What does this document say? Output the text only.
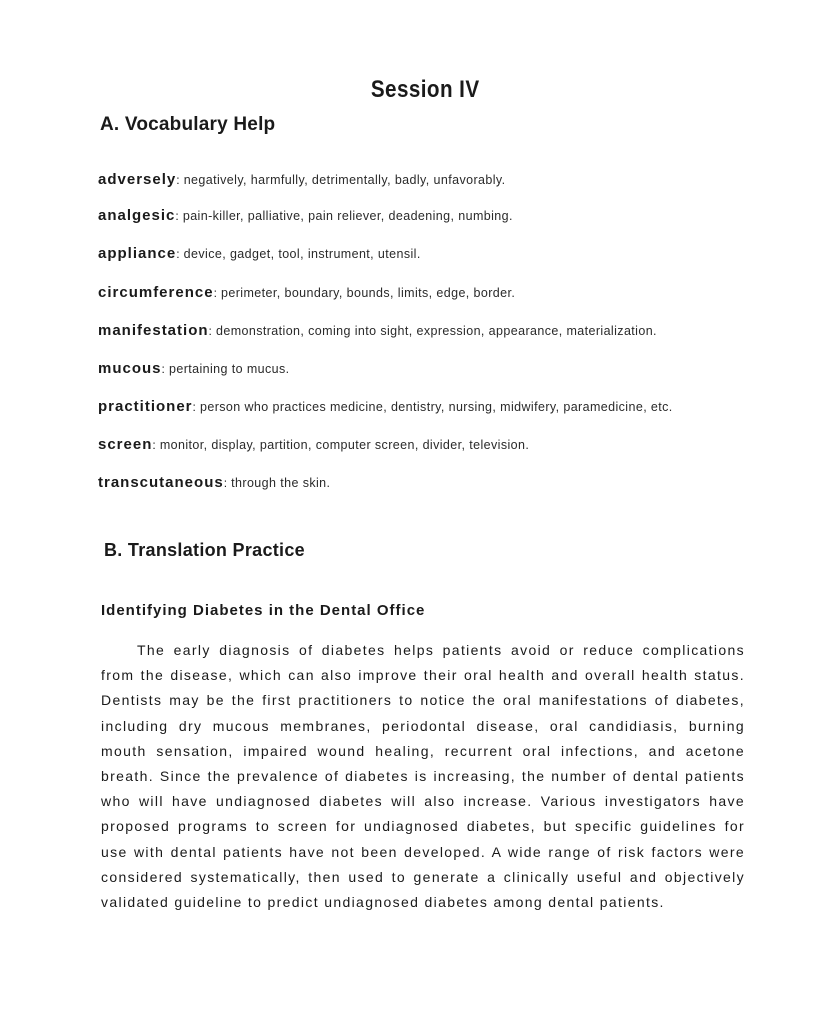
Session IV
A. Vocabulary Help
adversely: negatively, harmfully, detrimentally, badly, unfavorably.
analgesic: pain-killer, palliative, pain reliever, deadening, numbing.
appliance: device, gadget, tool, instrument, utensil.
circumference: perimeter, boundary, bounds, limits, edge, border.
manifestation: demonstration, coming into sight, expression, appearance, materialization.
mucous: pertaining to mucus.
practitioner: person who practices medicine, dentistry, nursing, midwifery, paramedicine, etc.
screen: monitor, display, partition, computer screen, divider, television.
transcutaneous: through the skin.
B. Translation Practice
Identifying Diabetes in the Dental Office
The early diagnosis of diabetes helps patients avoid or reduce complications from the disease, which can also improve their oral health and overall health status. Dentists may be the first practitioners to notice the oral manifestations of diabetes, including dry mucous membranes, periodontal disease, oral candidiasis, burning mouth sensation, impaired wound healing, recurrent oral infections, and acetone breath. Since the prevalence of diabetes is increasing, the number of dental patients who will have undiagnosed diabetes will also increase. Various investigators have proposed programs to screen for undiagnosed diabetes, but specific guidelines for use with dental patients have not been developed. A wide range of risk factors were considered systematically, then used to generate a clinically useful and objectively validated guideline to predict undiagnosed diabetes among dental patients.
